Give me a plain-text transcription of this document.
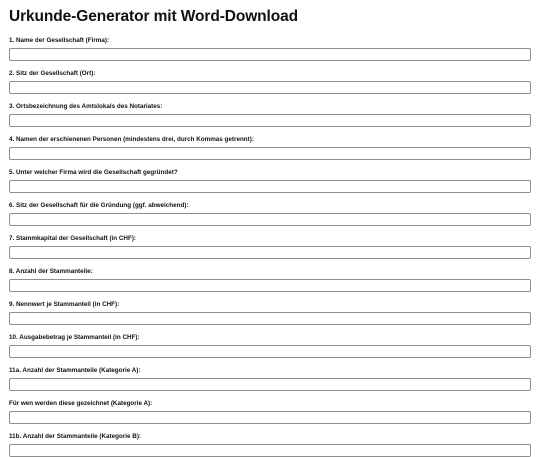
Urkunde-Generator mit Word-Download
1. Name der Gesellschaft (Firma):
2. Sitz der Gesellschaft (Ort):
3. Ortsbezeichnung des Amtslokals des Notariates:
4. Namen der erschienenen Personen (mindestens drei, durch Kommas getrennt):
5. Unter welcher Firma wird die Gesellschaft gegründet?
6. Sitz der Gesellschaft für die Gründung (ggf. abweichend):
7. Stammkapital der Gesellschaft (in CHF):
8. Anzahl der Stammanteile:
9. Nennwert je Stammanteil (in CHF):
10. Ausgabebetrag je Stammanteil (in CHF):
11a. Anzahl der Stammanteile (Kategorie A):
Für wen werden diese gezeichnet (Kategorie A):
11b. Anzahl der Stammanteile (Kategorie B):
